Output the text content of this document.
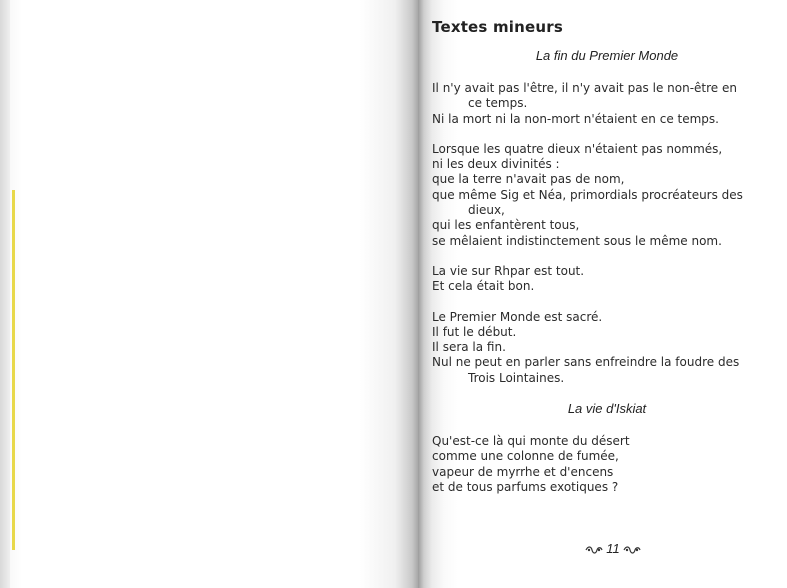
Textes mineurs
La fin du Premier Monde
Il n'y avait pas l'être, il n'y avait pas le non-être en
ce temps.
Ni la mort ni la non-mort n'étaient en ce temps.
Lorsque les quatre dieux n'étaient pas nommés,
ni les deux divinités :
que la terre n'avait pas de nom,
que même Sig et Néa, primordials procréateurs des
dieux,
qui les enfantèrent tous,
se mêlaient indistinctement sous le même nom.
La vie sur Rhpar est tout.
Et cela était bon.
Le Premier Monde est sacré.
Il fut le début.
Il sera la fin.
Nul ne peut en parler sans enfreindre la foudre des
Trois Lointaines.
La vie d'Iskiat
Qu'est-ce là qui monte du désert
comme une colonne de fumée,
vapeur de myrrhe et d'encens
et de tous parfums exotiques ?
11
